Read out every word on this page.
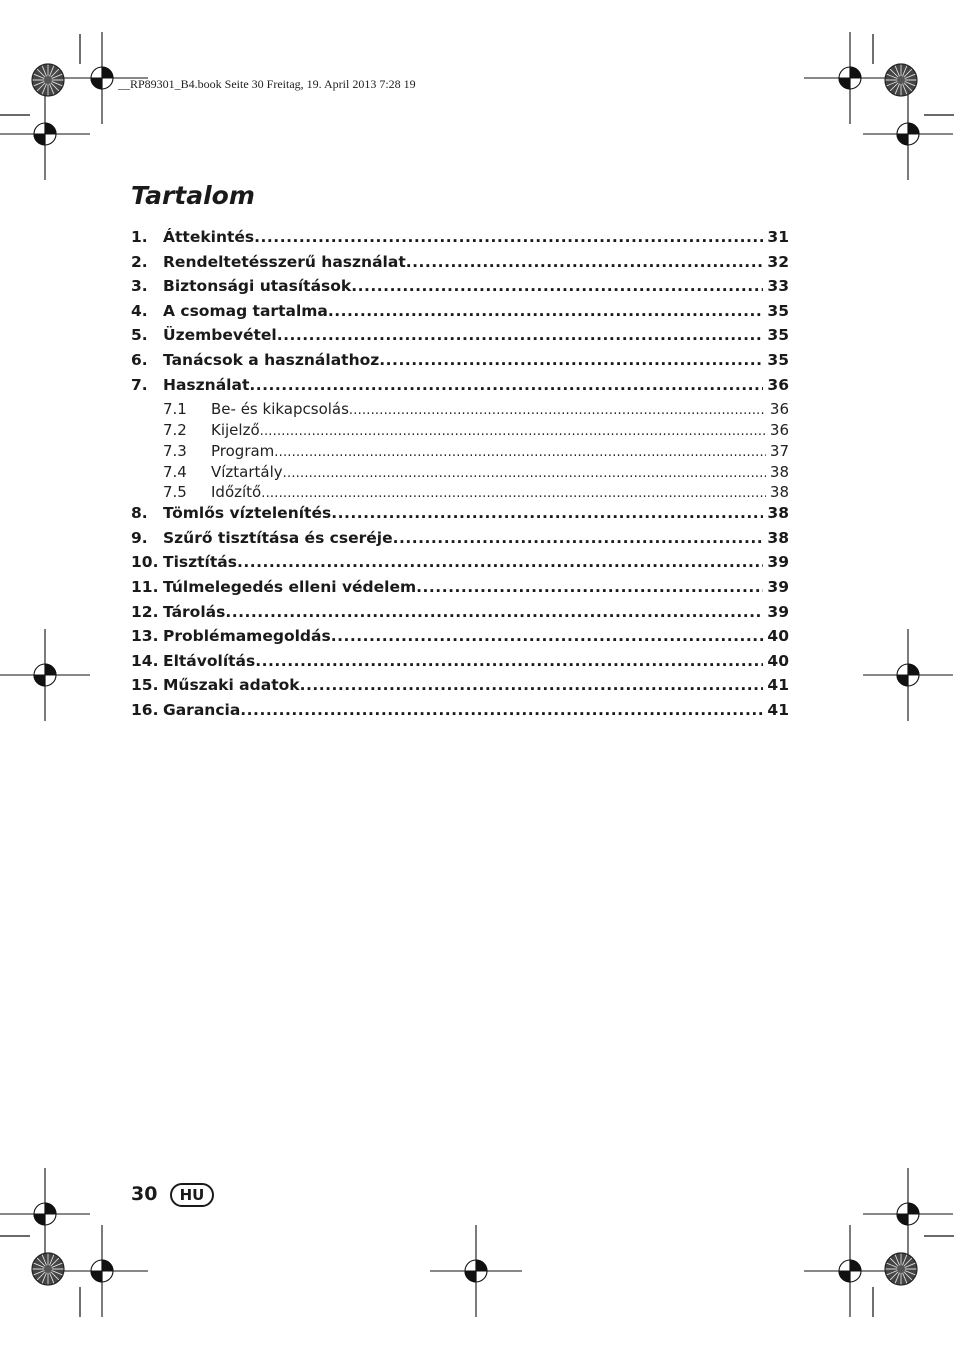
__RP89301_B4.book Seite 30 Freitag, 19. April 2013 7:28 19
Tartalom
1. Áttekintés .....	31
2. Rendeltetésszerű használat .....	32
3. Biztonsági utasítások .....	33
4. A csomag tartalma .....	35
5. Üzembevétel .....	35
6. Tanácsok a használathoz .....	35
7. Használat .....	36
7.1	Be- és kikapcsolás .....	36
7.2	Kijelző .....	36
7.3	Program .....	37
7.4	Víztartály .....	38
7.5	Időzítő .....	38
8. Tömlős víztelenítés .....	38
9. Szűrő tisztítása és cseréje .....	38
10. Tisztítás .....	39
11. Túlmelegedés elleni védelem .....	39
12. Tárolás .....	39
13. Problémamegoldás .....	40
14. Eltávolítás .....	40
15. Műszaki adatok .....	41
16. Garancia .....	41
30	HU
